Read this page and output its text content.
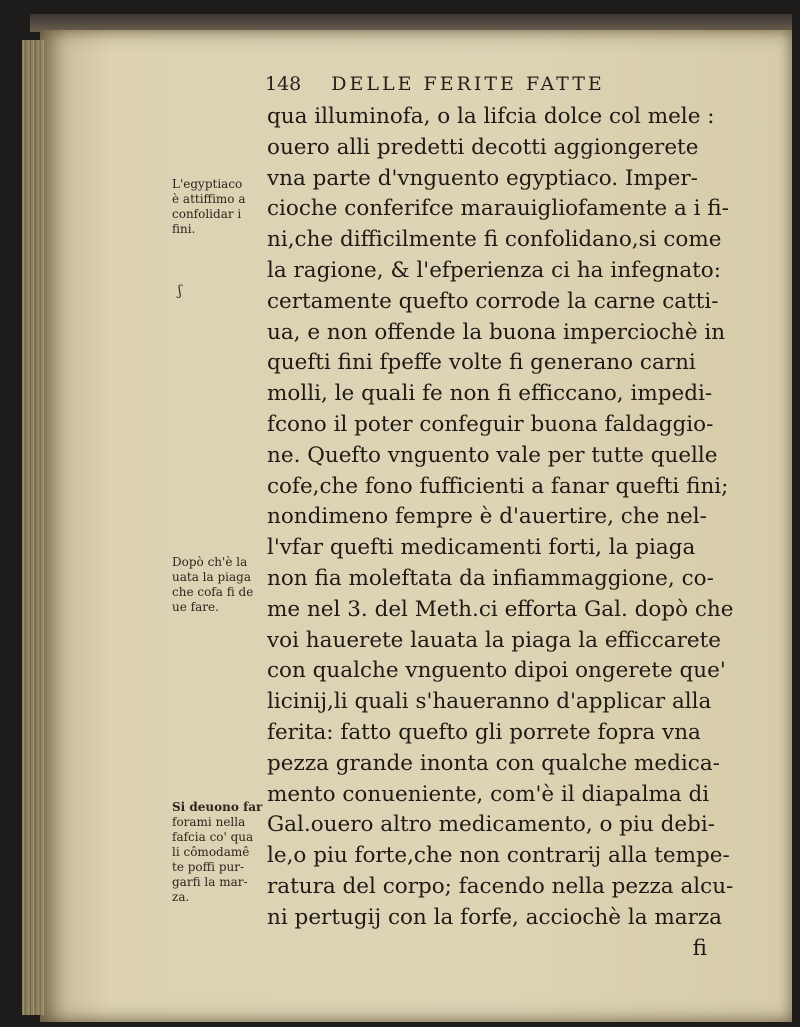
148 DELLE FERITE FATTE
L'egyptiaco
è attiffimo a
confolidar i
fini.
ʃ
Dopò ch'è la
uata la piaga
che cofa fi de
ue fare.
Si deuono far
forami nella
fafcia co' qua
li cômodamê
te poffi pur-
garfi la mar-
za.
qua illuminofa, o la lifcia dolce col mele :
ouero alli predetti decotti aggiongerete
vna parte d'vnguento egyptiaco. Imper-
cioche conferifce marauigliofamente a i fi-
ni,che difficilmente fi confolidano,si come
la ragione, & l'efperienza ci ha infegnato:
certamente quefto corrode la carne catti-
ua, e non offende la buona imperciochè in
quefti fini fpeffe volte fi generano carni
molli, le quali fe non fi efficcano, impedi-
fcono il poter confeguir buona faldaggio-
ne. Quefto vnguento vale per tutte quelle
cofe,che fono fufficienti a fanar quefti fini;
nondimeno fempre è d'auertire, che nel-
l'vfar quefti medicamenti forti, la piaga
non fia moleftata da infiammaggione, co-
me nel 3. del Meth.ci efforta Gal. dopò che
voi hauerete lauata la piaga la efficcarete
con qualche vnguento dipoi ongerete que'
licinij,li quali s'haueranno d'applicar alla
ferita: fatto quefto gli porrete fopra vna
pezza grande inonta con qualche medica-
mento conueniente, com'è il diapalma di
Gal.ouero altro medicamento, o piu debi-
le,o piu forte,che non contrarij alla tempe-
ratura del corpo; facendo nella pezza alcu-
ni pertugij con la forfe, acciochè la marza
fi
